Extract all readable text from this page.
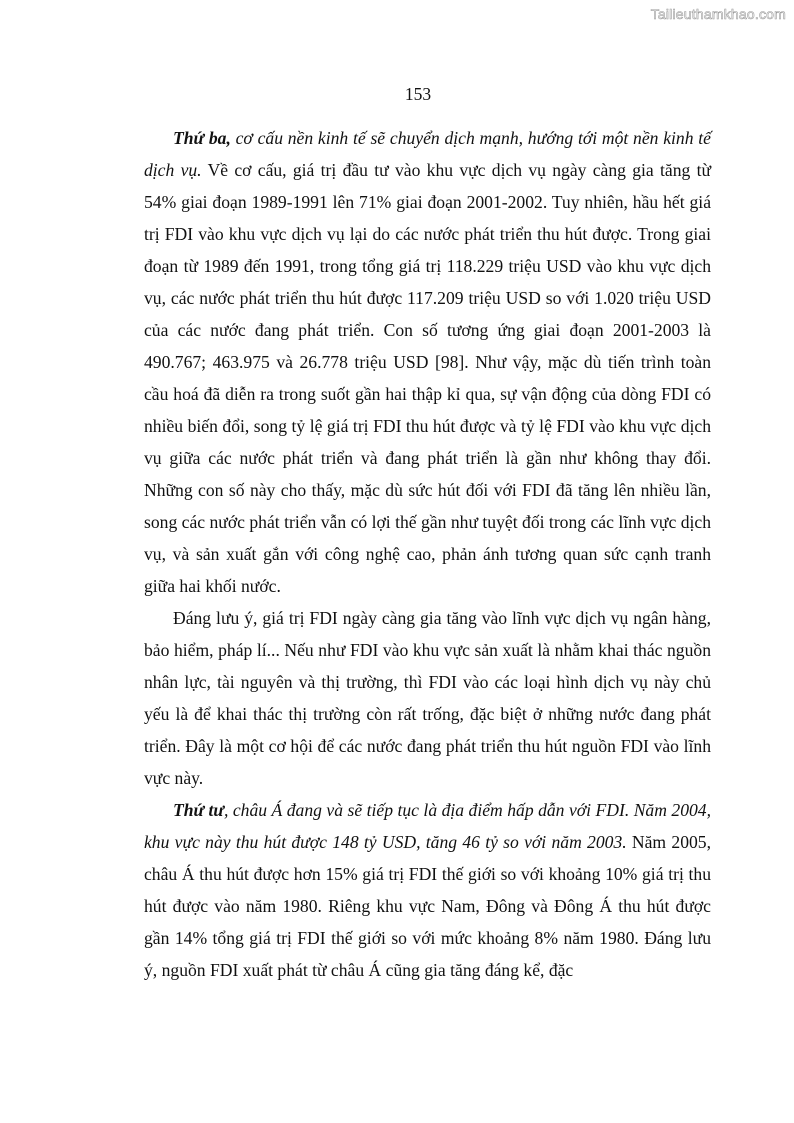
Tailieuthamkhao.com
153

Thứ ba, cơ cấu nền kinh tế sẽ chuyển dịch mạnh, hướng tới một nền kinh tế dịch vụ. Về cơ cấu, giá trị đầu tư vào khu vực dịch vụ ngày càng gia tăng từ 54% giai đoạn 1989-1991 lên 71% giai đoạn 2001-2002. Tuy nhiên, hầu hết giá trị FDI vào khu vực dịch vụ lại do các nước phát triển thu hút được. Trong giai đoạn từ 1989 đến 1991, trong tổng giá trị 118.229 triệu USD vào khu vực dịch vụ, các nước phát triển thu hút được 117.209 triệu USD so với 1.020 triệu USD của các nước đang phát triển. Con số tương ứng giai đoạn 2001-2003 là 490.767; 463.975 và 26.778 triệu USD [98]. Như vậy, mặc dù tiến trình toàn cầu hoá đã diễn ra trong suốt gần hai thập kỉ qua, sự vận động của dòng FDI có nhiều biến đổi, song tỷ lệ giá trị FDI thu hút được và tỷ lệ FDI vào khu vực dịch vụ giữa các nước phát triển và đang phát triển là gần như không thay đổi. Những con số này cho thấy, mặc dù sức hút đối với FDI đã tăng lên nhiều lần, song các nước phát triển vẫn có lợi thế gần như tuyệt đối trong các lĩnh vực dịch vụ, và sản xuất gắn với công nghệ cao, phản ánh tương quan sức cạnh tranh giữa hai khối nước.

Đáng lưu ý, giá trị FDI ngày càng gia tăng vào lĩnh vực dịch vụ ngân hàng, bảo hiểm, pháp lí... Nếu như FDI vào khu vực sản xuất là nhằm khai thác nguồn nhân lực, tài nguyên và thị trường, thì FDI vào các loại hình dịch vụ này chủ yếu là để khai thác thị trường còn rất trống, đặc biệt ở những nước đang phát triển. Đây là một cơ hội để các nước đang phát triển thu hút nguồn FDI vào lĩnh vực này.

Thứ tư, châu Á đang và sẽ tiếp tục là địa điểm hấp dẫn với FDI. Năm 2004, khu vực này thu hút được 148 tỷ USD, tăng 46 tỷ so với năm 2003. Năm 2005, châu Á thu hút được hơn 15% giá trị FDI thế giới so với khoảng 10% giá trị thu hút được vào năm 1980. Riêng khu vực Nam, Đông và Đông Á thu hút được gần 14% tổng giá trị FDI thế giới so với mức khoảng 8% năm 1980. Đáng lưu ý, nguồn FDI xuất phát từ châu Á cũng gia tăng đáng kể, đặc
